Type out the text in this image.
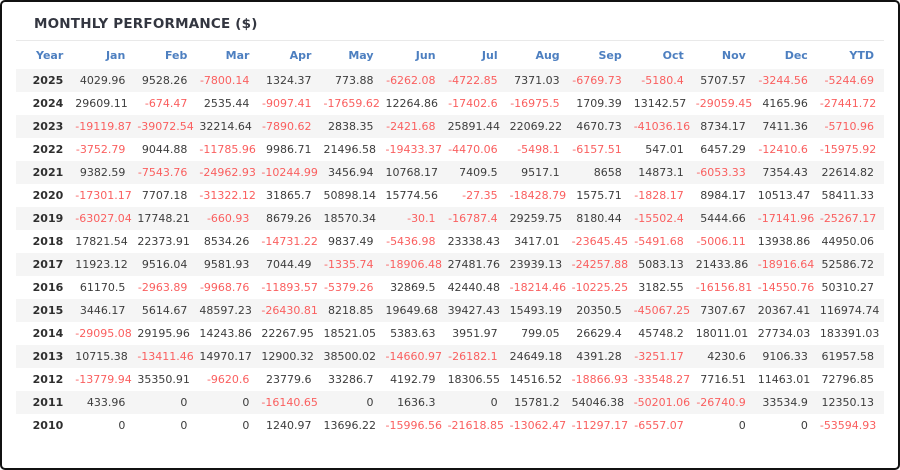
MONTHLY PERFORMANCE ($)
Year	Jan	Feb	Mar	Apr	May	Jun	Jul	Aug	Sep	Oct	Nov	Dec	YTD
2025	4029.96	9528.26	-7800.14	1324.37	773.88	-6262.08	-4722.85	7371.03	-6769.73	-5180.4	5707.57	-3244.56	-5244.69
2024	29609.11	-674.47	2535.44	-9097.41	-17659.62	12264.86	-17402.6	-16975.5	1709.39	13142.57	-29059.45	4165.96	-27441.72
2023	-19119.87	-39072.54	32214.64	-7890.62	2838.35	-2421.68	25891.44	22069.22	4670.73	-41036.16	8734.17	7411.36	-5710.96
2022	-3752.79	9044.88	-11785.96	9986.71	21496.58	-19433.37	-4470.06	-5498.1	-6157.51	547.01	6457.29	-12410.6	-15975.92
2021	9382.59	-7543.76	-24962.93	-10244.99	3456.94	10768.17	7409.5	9517.1	8658	14873.1	-6053.33	7354.43	22614.82
2020	-17301.17	7707.18	-31322.12	31865.7	50898.14	15774.56	-27.35	-18428.79	1575.71	-1828.17	8984.17	10513.47	58411.33
2019	-63027.04	17748.21	-660.93	8679.26	18570.34	-30.1	-16787.4	29259.75	8180.44	-15502.4	5444.66	-17141.96	-25267.17
2018	17821.54	22373.91	8534.26	-14731.22	9837.49	-5436.98	23338.43	3417.01	-23645.45	-5491.68	-5006.11	13938.86	44950.06
2017	11923.12	9516.04	9581.93	7044.49	-1335.74	-18906.48	27481.76	23939.13	-24257.88	5083.13	21433.86	-18916.64	52586.72
2016	61170.5	-2963.89	-9968.76	-11893.57	-5379.26	32869.5	42440.48	-18214.46	-10225.25	3182.55	-16156.81	-14550.76	50310.27
2015	3446.17	5614.67	48597.23	-26430.81	8218.85	19649.68	39427.43	15493.19	20350.5	-45067.25	7307.67	20367.41	116974.74
2014	-29095.08	29195.96	14243.86	22267.95	18521.05	5383.63	3951.97	799.05	26629.4	45748.2	18011.01	27734.03	183391.03
2013	10715.38	-13411.46	14970.17	12900.32	38500.02	-14660.97	-26182.1	24649.18	4391.28	-3251.17	4230.6	9106.33	61957.58
2012	-13779.94	35350.91	-9620.6	23779.6	33286.7	4192.79	18306.55	14516.52	-18866.93	-33548.27	7716.51	11463.01	72796.85
2011	433.96	0	0	-16140.65	0	1636.3	0	15781.2	54046.38	-50201.06	-26740.9	33534.9	12350.13
2010	0	0	0	1240.97	13696.22	-15996.56	-21618.85	-13062.47	-11297.17	-6557.07	0	0	-53594.93
